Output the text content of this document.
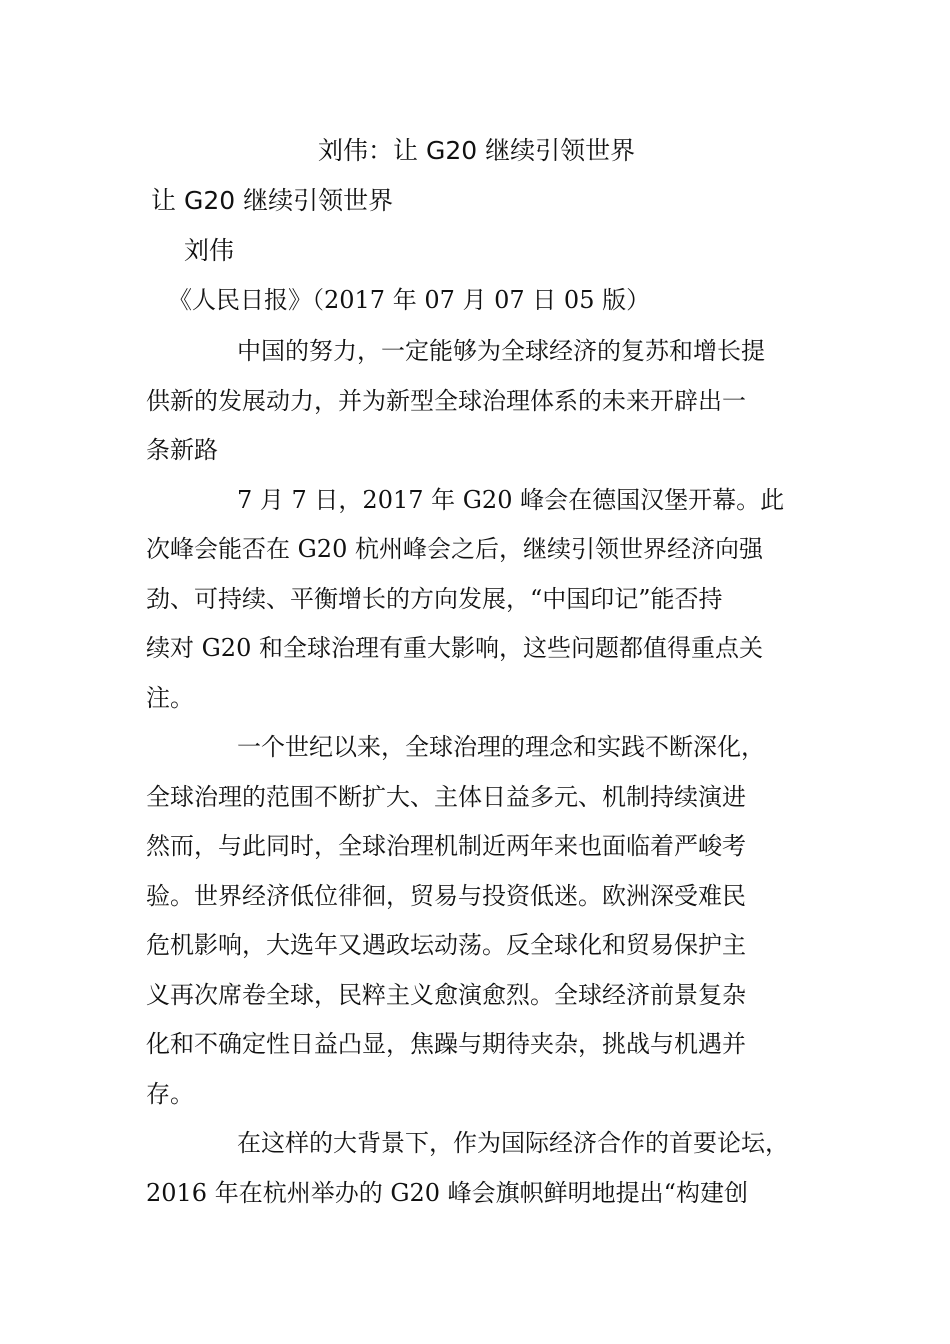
刘伟：让 G20 继续引领世界
让 G20 继续引领世界
刘伟
《人民日报》（2017 年 07 月 07 日 05 版）
中国的努力，一定能够为全球经济的复苏和增长提
供新的发展动力，并为新型全球治理体系的未来开辟出一
条新路
7 月 7 日，2017 年 G20 峰会在德国汉堡开幕。此
次峰会能否在 G20 杭州峰会之后，继续引领世界经济向强
劲、可持续、平衡增长的方向发展，“中国印记”能否持
续对 G20 和全球治理有重大影响，这些问题都值得重点关
注。
一个世纪以来，全球治理的理念和实践不断深化，
全球治理的范围不断扩大、主体日益多元、机制持续演进
然而，与此同时，全球治理机制近两年来也面临着严峻考
验。世界经济低位徘徊，贸易与投资低迷。欧洲深受难民
危机影响，大选年又遇政坛动荡。反全球化和贸易保护主
义再次席卷全球，民粹主义愈演愈烈。全球经济前景复杂
化和不确定性日益凸显，焦躁与期待夹杂，挑战与机遇并
存。
在这样的大背景下，作为国际经济合作的首要论坛，
2016 年在杭州举办的 G20 峰会旗帜鲜明地提出“构建创
